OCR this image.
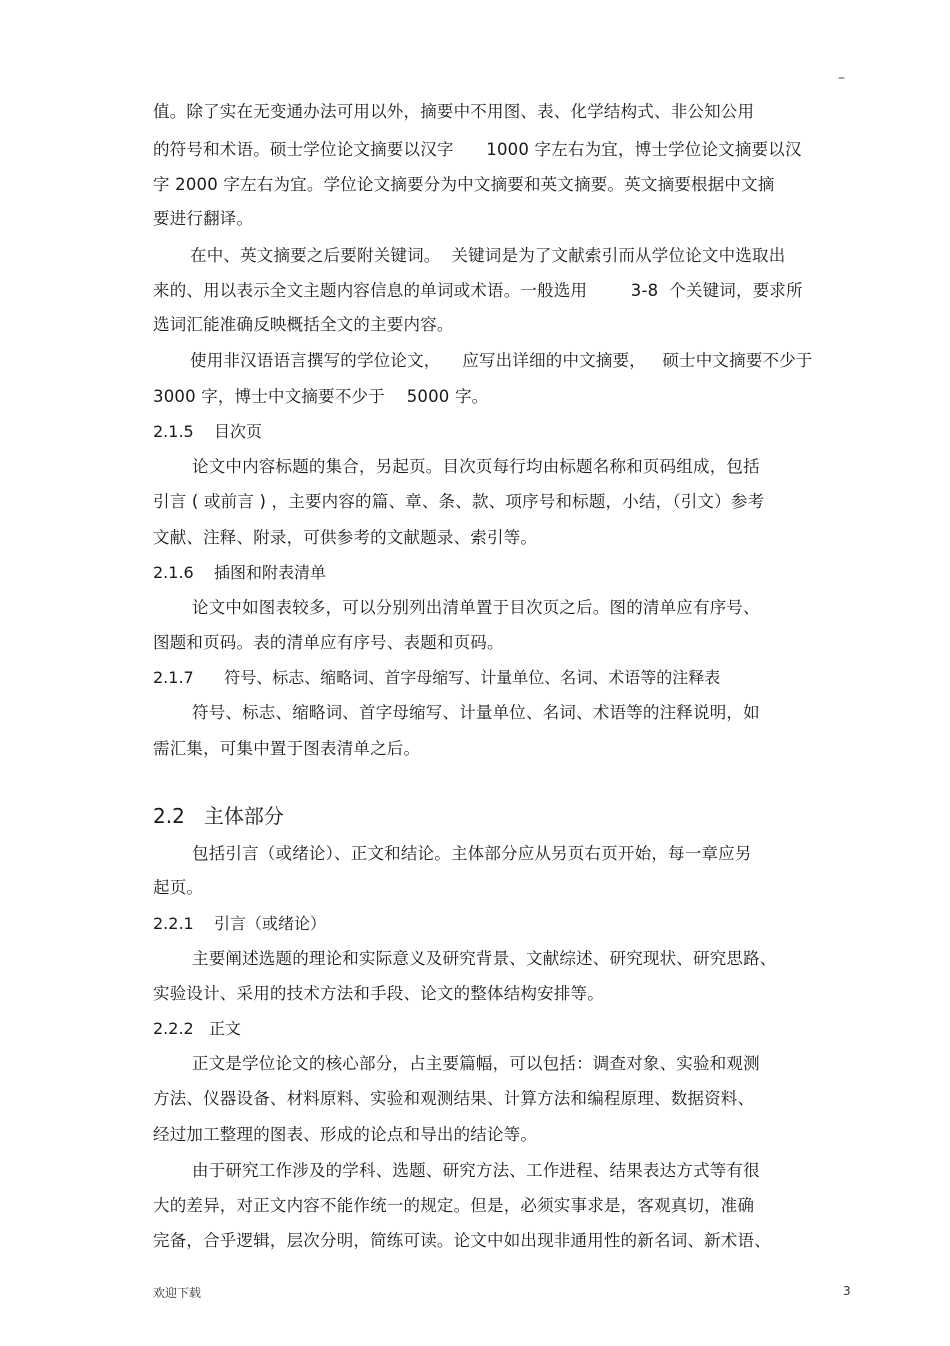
–
值。除了实在无变通办法可用以外，摘要中不用图、表、化学结构式、非公知公用
的符号和术语。硕士学位论文摘要以汉字      1000 字左右为宜，博士学位论文摘要以汉
字 2000 字左右为宜。学位论文摘要分为中文摘要和英文摘要。英文摘要根据中文摘
要进行翻译。
在中、英文摘要之后要附关键词。  关键词是为了文献索引而从学位论文中选取出
来的、用以表示全文主题内容信息的单词或术语。一般选用        3-8  个关键词，要求所
选词汇能准确反映概括全文的主要内容。
使用非汉语语言撰写的学位论文，    应写出详细的中文摘要，   硕士中文摘要不少于
3000 字，博士中文摘要不少于    5000 字。
2.1.5    目次页
论文中内容标题的集合，另起页。目次页每行均由标题名称和页码组成，包括
引言 ( 或前言 ) ，主要内容的篇、章、条、款、项序号和标题，小结，（引文）参考
文献、注释、附录，可供参考的文献题录、索引等。
2.1.6    插图和附表清单
论文中如图表较多，可以分别列出清单置于目次页之后。图的清单应有序号、
图题和页码。表的清单应有序号、表题和页码。
2.1.7      符号、标志、缩略词、首字母缩写、计量单位、名词、术语等的注释表
符号、标志、缩略词、首字母缩写、计量单位、名词、术语等的注释说明，如
需汇集，可集中置于图表清单之后。
2.2   主体部分
包括引言（或绪论）、正文和结论。主体部分应从另页右页开始，每一章应另
起页。
2.2.1    引言（或绪论）
主要阐述选题的理论和实际意义及研究背景、文献综述、研究现状、研究思路、
实验设计、采用的技术方法和手段、论文的整体结构安排等。
2.2.2   正文
正文是学位论文的核心部分，占主要篇幅，可以包括：调查对象、实验和观测
方法、仪器设备、材料原料、实验和观测结果、计算方法和编程原理、数据资料、
经过加工整理的图表、形成的论点和导出的结论等。
由于研究工作涉及的学科、选题、研究方法、工作进程、结果表达方式等有很
大的差异，对正文内容不能作统一的规定。但是，必须实事求是，客观真切，准确
完备，合乎逻辑，层次分明，简练可读。论文中如出现非通用性的新名词、新术语、
欢迎下载	3
